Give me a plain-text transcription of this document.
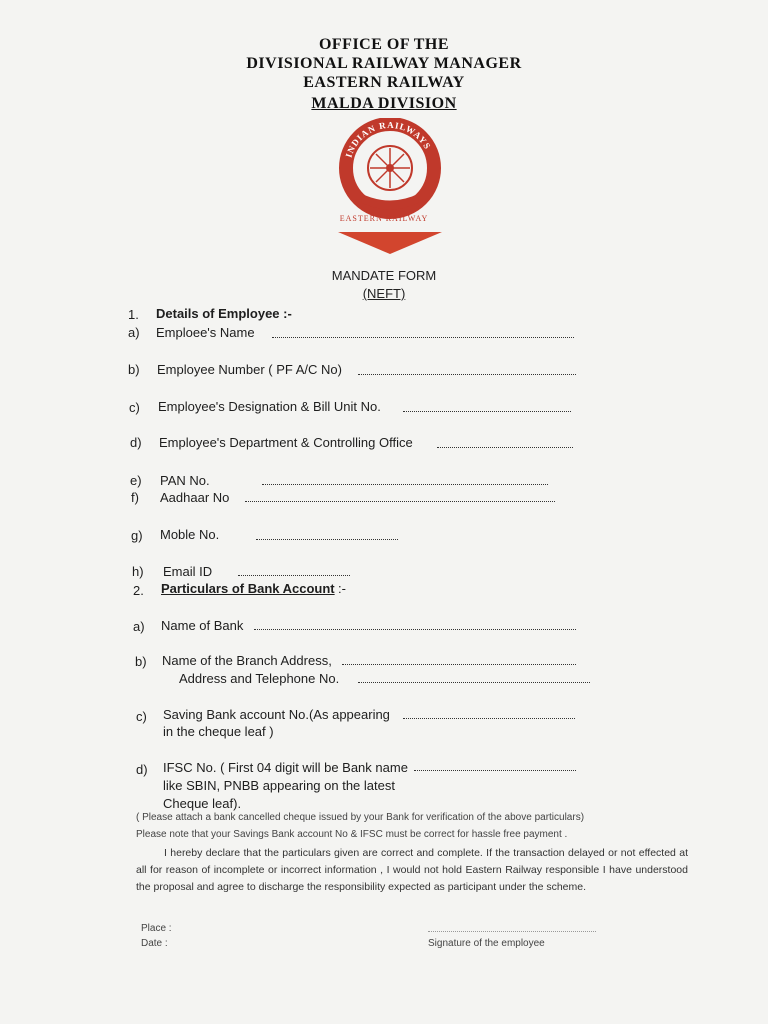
OFFICE OF THE
DIVISIONAL RAILWAY MANAGER
EASTERN RAILWAY
MALDA DIVISION
INDIAN RAILWAYS
EASTERN RAILWAY
MANDATE FORM
(NEFT)
1. Details of Employee :-
a) Emploee's Name
b) Employee Number ( PF A/C No)
c) Employee's Designation & Bill Unit No.
d) Employee's Department & Controlling Office
e) PAN No.
f) Aadhaar No
g) Moble No.
h) Email ID
2. Particulars of Bank Account :-
a) Name of Bank
b) Name of the Branch Address,
Address and Telephone No.
c) Saving Bank account No.(As appearing
in the cheque leaf )
d) IFSC No. ( First 04 digit will be Bank name
like SBIN, PNBB appearing on the latest
Cheque leaf).
( Please attach a bank cancelled cheque issued by your Bank for verification of the above particulars)
Please note that your Savings Bank account No & IFSC must be correct for hassle free payment .
I hereby declare that the particulars given are correct and complete. If the transaction delayed or not effected at all for reason of incomplete or incorrect information , I would not hold Eastern Railway responsible I have understood the proposal and agree to discharge the responsibility expected as participant under the scheme.
Place :
Date :	Signature of the employee
